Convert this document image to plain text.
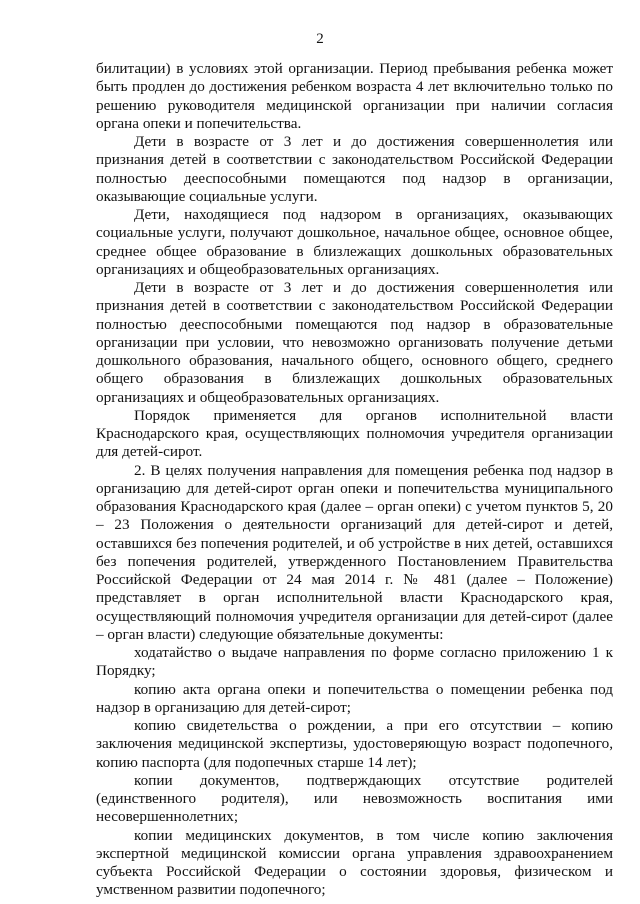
2

билитации) в условиях этой организации. Период пребывания ребенка может быть продлен до достижения ребенком возраста 4 лет включительно только по решению руководителя медицинской организации при наличии согласия органа опеки и попечительства.

Дети в возрасте от 3 лет и до достижения совершеннолетия или признания детей в соответствии с законодательством Российской Федерации полностью дееспособными помещаются под надзор в организации, оказывающие социальные услуги.

Дети, находящиеся под надзором в организациях, оказывающих социальные услуги, получают дошкольное, начальное общее, основное общее, среднее общее образование в близлежащих дошкольных образовательных организациях и общеобразовательных организациях.

Дети в возрасте от 3 лет и до достижения совершеннолетия или признания детей в соответствии с законодательством Российской Федерации полностью дееспособными помещаются под надзор в образовательные организации при условии, что невозможно организовать получение детьми дошкольного образования, начального общего, основного общего, среднего общего образования в близлежащих дошкольных образовательных организациях и общеобразовательных организациях.

Порядок применяется для органов исполнительной власти Краснодарского края, осуществляющих полномочия учредителя организации для детей-сирот.

2. В целях получения направления для помещения ребенка под надзор в организацию для детей-сирот орган опеки и попечительства муниципального образования Краснодарского края (далее – орган опеки) с учетом пунктов 5, 20 – 23 Положения о деятельности организаций для детей-сирот и детей, оставшихся без попечения родителей, и об устройстве в них детей, оставшихся без попечения родителей, утвержденного Постановлением Правительства Российской Федерации от 24 мая 2014 г. № 481 (далее – Положение) представляет в орган исполнительной власти Краснодарского края, осуществляющий полномочия учредителя организации для детей-сирот (далее – орган власти) следующие обязательные документы:

ходатайство о выдаче направления по форме согласно приложению 1 к Порядку;

копию акта органа опеки и попечительства о помещении ребенка под надзор в организацию для детей-сирот;

копию свидетельства о рождении, а при его отсутствии – копию заключения медицинской экспертизы, удостоверяющую возраст подопечного, копию паспорта (для подопечных старше 14 лет);

копии документов, подтверждающих отсутствие родителей (единственного родителя), или невозможность воспитания ими несовершеннолетних;

копии медицинских документов, в том числе копию заключения экспертной медицинской комиссии органа управления здравоохранением субъекта Российской Федерации о состоянии здоровья, физическом и умственном развитии подопечного;
